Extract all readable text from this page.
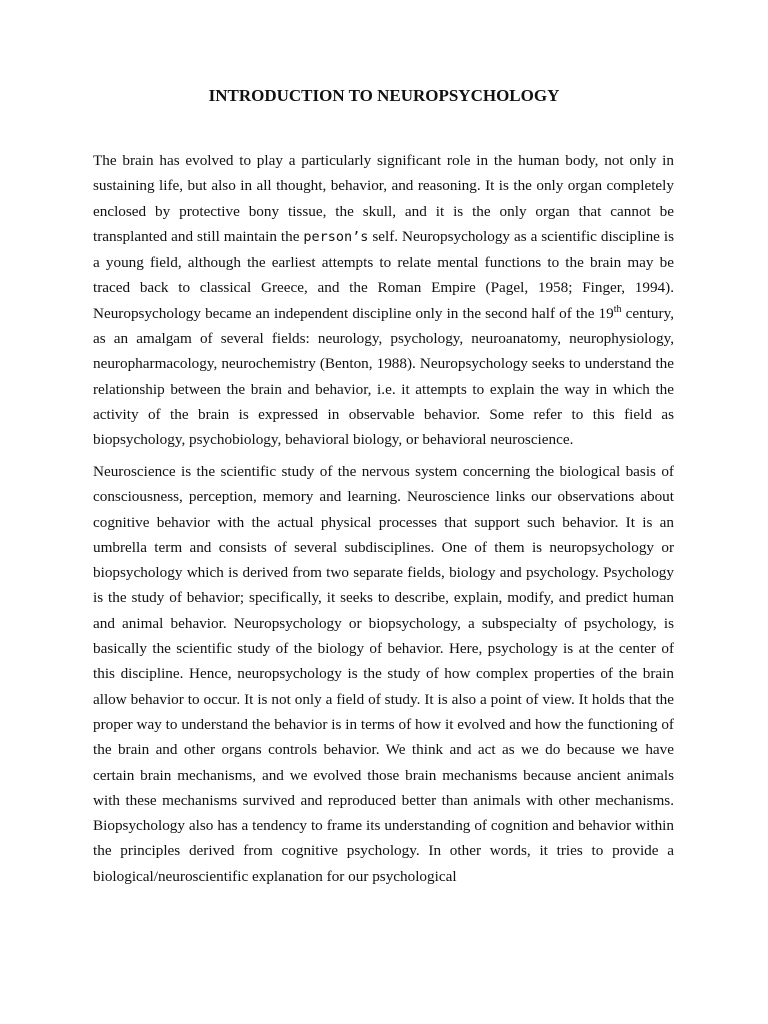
INTRODUCTION TO NEUROPSYCHOLOGY

The brain has evolved to play a particularly significant role in the human body, not only in sustaining life, but also in all thought, behavior, and reasoning. It is the only organ completely enclosed by protective bony tissue, the skull, and it is the only organ that cannot be transplanted and still maintain the person’s self. Neuropsychology as a scientific discipline is a young field, although the earliest attempts to relate mental functions to the brain may be traced back to classical Greece, and the Roman Empire (Pagel, 1958; Finger, 1994). Neuropsychology became an independent discipline only in the second half of the 19th century, as an amalgam of several fields: neurology, psychology, neuroanatomy, neurophysiology, neuropharmacology, neurochemistry (Benton, 1988). Neuropsychology seeks to understand the relationship between the brain and behavior, i.e. it attempts to explain the way in which the activity of the brain is expressed in observable behavior. Some refer to this field as biopsychology, psychobiology, behavioral biology, or behavioral neuroscience.

Neuroscience is the scientific study of the nervous system concerning the biological basis of consciousness, perception, memory and learning. Neuroscience links our observations about cognitive behavior with the actual physical processes that support such behavior. It is an umbrella term and consists of several subdisciplines. One of them is neuropsychology or biopsychology which is derived from two separate fields, biology and psychology. Psychology is the study of behavior; specifically, it seeks to describe, explain, modify, and predict human and animal behavior. Neuropsychology or biopsychology, a subspecialty of psychology, is basically the scientific study of the biology of behavior. Here, psychology is at the center of this discipline. Hence, neuropsychology is the study of how complex properties of the brain allow behavior to occur. It is not only a field of study. It is also a point of view. It holds that the proper way to understand the behavior is in terms of how it evolved and how the functioning of the brain and other organs controls behavior. We think and act as we do because we have certain brain mechanisms, and we evolved those brain mechanisms because ancient animals with these mechanisms survived and reproduced better than animals with other mechanisms. Biopsychology also has a tendency to frame its understanding of cognition and behavior within the principles derived from cognitive psychology. In other words, it tries to provide a biological/neuroscientific explanation for our psychological
